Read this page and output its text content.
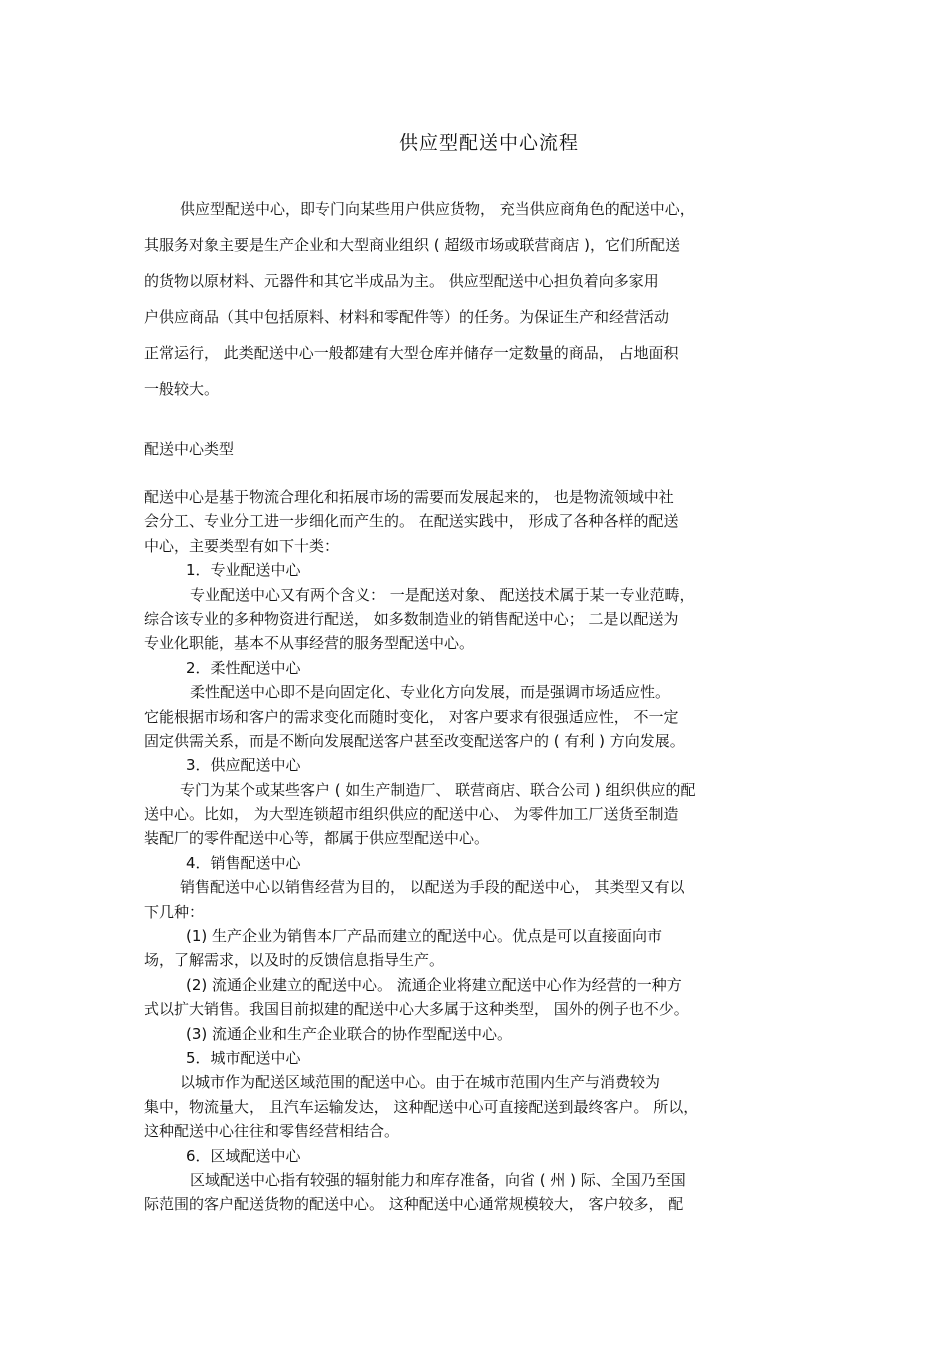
供应型配送中心流程
供应型配送中心，即专门向某些用户供应货物， 充当供应商角色的配送中心，
其服务对象主要是生产企业和大型商业组织 ( 超级市场或联营商店 )，它们所配送
的货物以原材料、元器件和其它半成品为主。 供应型配送中心担负着向多家用
户供应商品（其中包括原料、材料和零配件等）的任务。为保证生产和经营活动
正常运行， 此类配送中心一般都建有大型仓库并储存一定数量的商品， 占地面积
一般较大。
配送中心类型
配送中心是基于物流合理化和拓展市场的需要而发展起来的， 也是物流领域中社
会分工、专业分工进一步细化而产生的。 在配送实践中， 形成了各种各样的配送
中心，主要类型有如下十类：
1．专业配送中心
专业配送中心又有两个含义： 一是配送对象、 配送技术属于某一专业范畴，
综合该专业的多种物资进行配送， 如多数制造业的销售配送中心； 二是以配送为
专业化职能，基本不从事经营的服务型配送中心。
2．柔性配送中心
柔性配送中心即不是向固定化、专业化方向发展，而是强调市场适应性。
它能根据市场和客户的需求变化而随时变化， 对客户要求有很强适应性， 不一定
固定供需关系，而是不断向发展配送客户甚至改变配送客户的 ( 有利 ) 方向发展。
3．供应配送中心
专门为某个或某些客户 ( 如生产制造厂、 联营商店、联合公司 ) 组织供应的配
送中心。比如， 为大型连锁超市组织供应的配送中心、 为零件加工厂送货至制造
装配厂的零件配送中心等，都属于供应型配送中心。
4．销售配送中心
销售配送中心以销售经营为目的， 以配送为手段的配送中心， 其类型又有以
下几种：
(1) 生产企业为销售本厂产品而建立的配送中心。优点是可以直接面向市
场，了解需求，以及时的反馈信息指导生产。
(2) 流通企业建立的配送中心。 流通企业将建立配送中心作为经营的一种方
式以扩大销售。我国目前拟建的配送中心大多属于这种类型， 国外的例子也不少。
(3) 流通企业和生产企业联合的协作型配送中心。
5．城市配送中心
以城市作为配送区域范围的配送中心。由于在城市范围内生产与消费较为
集中，物流量大， 且汽车运输发达， 这种配送中心可直接配送到最终客户。 所以，
这种配送中心往往和零售经营相结合。
6．区域配送中心
区域配送中心指有较强的辐射能力和库存准备，向省 ( 州 ) 际、全国乃至国
际范围的客户配送货物的配送中心。 这种配送中心通常规模较大， 客户较多， 配
